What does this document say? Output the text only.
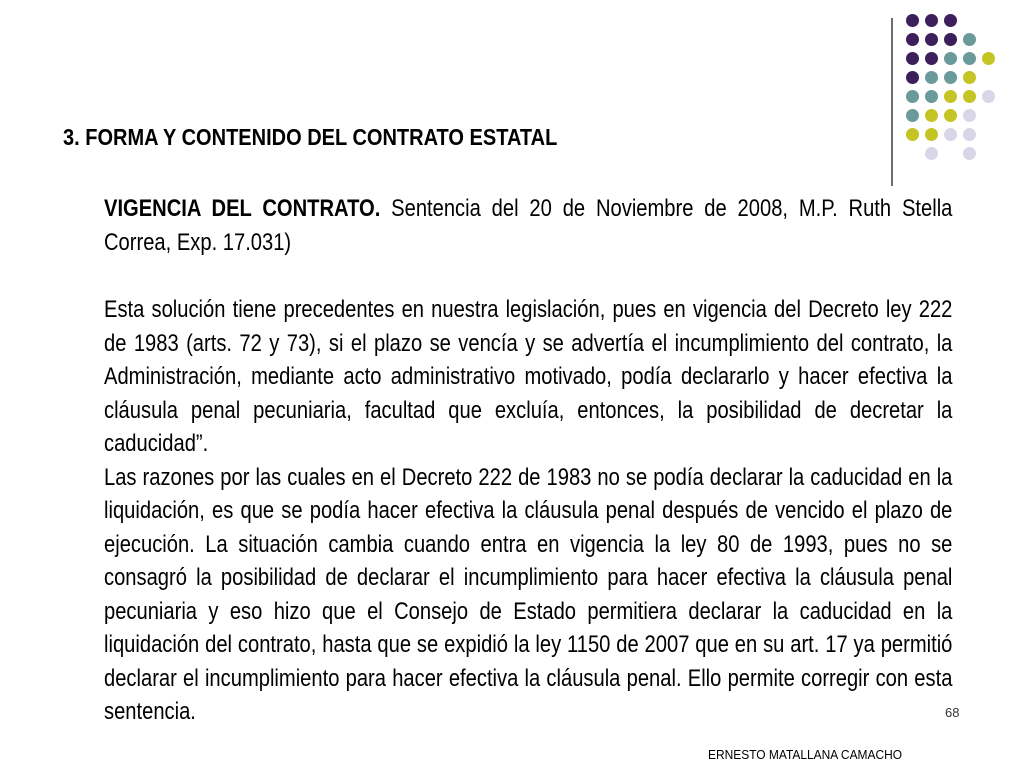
3. FORMA Y CONTENIDO DEL CONTRATO ESTATAL

VIGENCIA DEL CONTRATO. Sentencia del 20 de Noviembre de 2008, M.P. Ruth Stella Correa, Exp. 17.031)

Esta solución tiene precedentes en nuestra legislación, pues en vigencia del Decreto ley 222 de 1983 (arts. 72 y 73), si el plazo se vencía y se advertía el incumplimiento del contrato, la Administración, mediante acto administrativo motivado, podía declararlo y hacer efectiva la cláusula penal pecuniaria, facultad que excluía, entonces, la posibilidad de decretar la caducidad”.

Las razones por las cuales en el Decreto 222 de 1983 no se podía declarar la caducidad en la liquidación, es que se podía hacer efectiva la cláusula penal después de vencido el plazo de ejecución. La situación cambia cuando entra en vigencia la ley 80 de 1993, pues no se consagró la posibilidad de declarar el incumplimiento para hacer efectiva la cláusula penal pecuniaria y eso hizo que el Consejo de Estado permitiera declarar la caducidad en la liquidación del contrato, hasta que se expidió la ley 1150 de 2007 que en su art. 17 ya permitió declarar el incumplimiento para hacer efectiva la cláusula penal. Ello permite corregir con esta sentencia.	68
ERNESTO MATALLANA CAMACHO
